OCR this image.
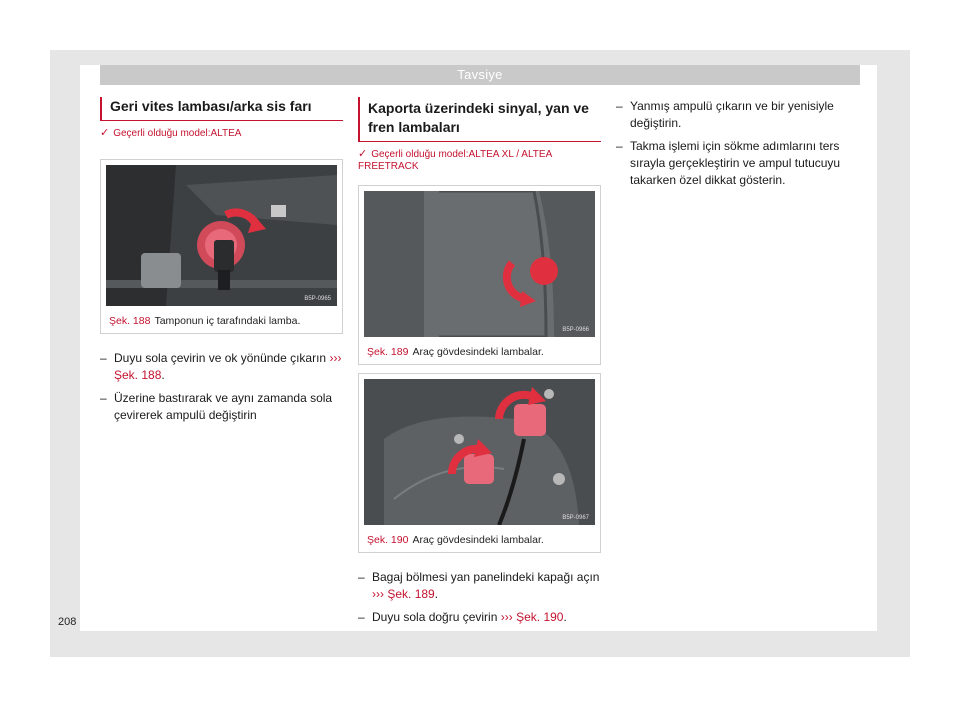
Tavsiye
Geri vites lambası/arka sis farı
✓ Geçerli olduğu model:ALTEA
B5P-0965
Şek. 188 Tamponun iç tarafındaki lamba.
– Duyu sola çevirin ve ok yönünde çıkarın ››› Şek. 188.
– Üzerine bastırarak ve aynı zamanda sola çevirerek ampulü değiştirin
Kaporta üzerindeki sinyal, yan ve fren lambaları
✓ Geçerli olduğu model:ALTEA XL / ALTEA FREETRACK
B5P-0966
Şek. 189 Araç gövdesindeki lambalar.
B5P-0967
Şek. 190 Araç gövdesindeki lambalar.
– Bagaj bölmesi yan panelindeki kapağı açın ››› Şek. 189.
– Duyu sola doğru çevirin ››› Şek. 190.
– Yanmış ampulü çıkarın ve bir yenisiyle değiştirin.
– Takma işlemi için sökme adımlarını ters sırayla gerçekleştirin ve ampul tutucuyu takarken özel dikkat gösterin.
208
